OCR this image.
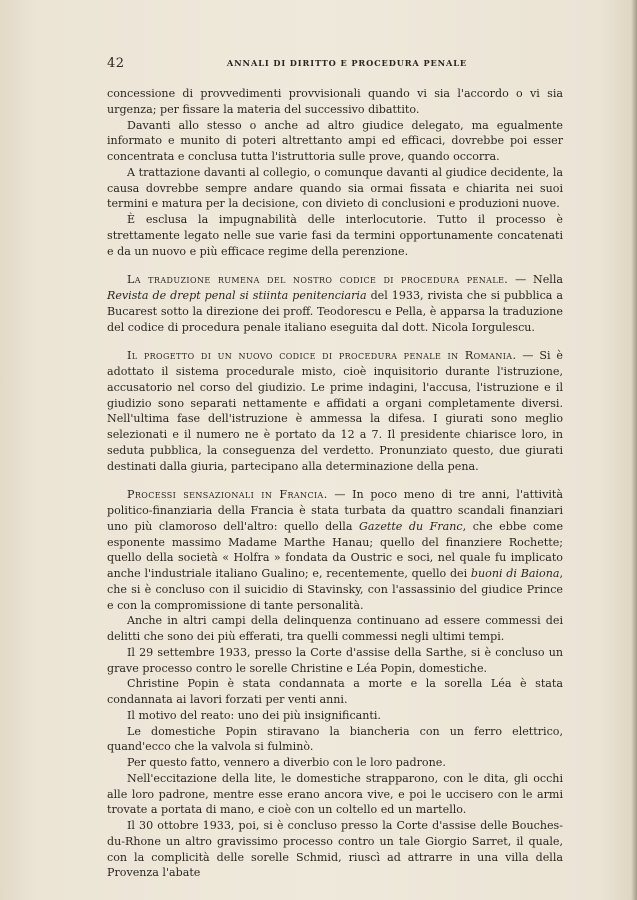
42	ANNALI DI DIRITTO E PROCEDURA PENALE

concessione di provvedimenti provvisionali quando vi sia l'accordo o vi sia urgenza; per fissare la materia del successivo dibattito.

Davanti allo stesso o anche ad altro giudice delegato, ma egualmente informato e munito di poteri altrettanto ampi ed efficaci, dovrebbe poi esser concentrata e conclusa tutta l'istruttoria sulle prove, quando occorra.

A trattazione davanti al collegio, o comunque davanti al giudice decidente, la causa dovrebbe sempre andare quando sia ormai fissata e chiarita nei suoi termini e matura per la decisione, con divieto di conclusioni e produzioni nuove.

È esclusa la impugnabilità delle interlocutorie. Tutto il processo è strettamente legato nelle sue varie fasi da termini opportunamente concatenati e da un nuovo e più efficace regime della perenzione.

La traduzione rumena del nostro codice di procedura penale. — Nella Revista de drept penal si stiinta penitenciaria del 1933, rivista che si pubblica a Bucarest sotto la direzione dei proff. Teodorescu e Pella, è apparsa la traduzione del codice di procedura penale italiano eseguita dal dott. Nicola Iorgulescu.

Il progetto di un nuovo codice di procedura penale in Romania. — Si è adottato il sistema procedurale misto, cioè inquisitorio durante l'istruzione, accusatorio nel corso del giudizio. Le prime indagini, l'accusa, l'istruzione e il giudizio sono separati nettamente e affidati a organi completamente diversi. Nell'ultima fase dell'istruzione è ammessa la difesa. I giurati sono meglio selezionati e il numero ne è portato da 12 a 7. Il presidente chiarisce loro, in seduta pubblica, la conseguenza del verdetto. Pronunziato questo, due giurati destinati dalla giuria, partecipano alla determinazione della pena.

Processi sensazionali in Francia. — In poco meno di tre anni, l'attività politico-finanziaria della Francia è stata turbata da quattro scandali finanziari uno più clamoroso dell'altro: quello della Gazette du Franc, che ebbe come esponente massimo Madame Marthe Hanau; quello del finanziere Rochette; quello della società « Holfra » fondata da Oustric e soci, nel quale fu implicato anche l'industriale italiano Gualino; e, recentemente, quello dei buoni di Baiona, che si è concluso con il suicidio di Stavinsky, con l'assassinio del giudice Prince e con la compromissione di tante personalità.

Anche in altri campi della delinquenza continuano ad essere commessi dei delitti che sono dei più efferati, tra quelli commessi negli ultimi tempi.

Il 29 settembre 1933, presso la Corte d'assise della Sarthe, si è concluso un grave processo contro le sorelle Christine e Léa Popin, domestiche.

Christine Popin è stata condannata a morte e la sorella Léa è stata condannata ai lavori forzati per venti anni.

Il motivo del reato: uno dei più insignificanti.

Le domestiche Popin stiravano la biancheria con un ferro elettrico, quand'ecco che la valvola si fulminò.

Per questo fatto, vennero a diverbio con le loro padrone.

Nell'eccitazione della lite, le domestiche strapparono, con le dita, gli occhi alle loro padrone, mentre esse erano ancora vive, e poi le uccisero con le armi trovate a portata di mano, e cioè con un coltello ed un martello.

Il 30 ottobre 1933, poi, si è concluso presso la Corte d'assise delle Bouches-du-Rhone un altro gravissimo processo contro un tale Giorgio Sarret, il quale, con la complicità delle sorelle Schmid, riuscì ad attrarre in una villa della Provenza l'abate
